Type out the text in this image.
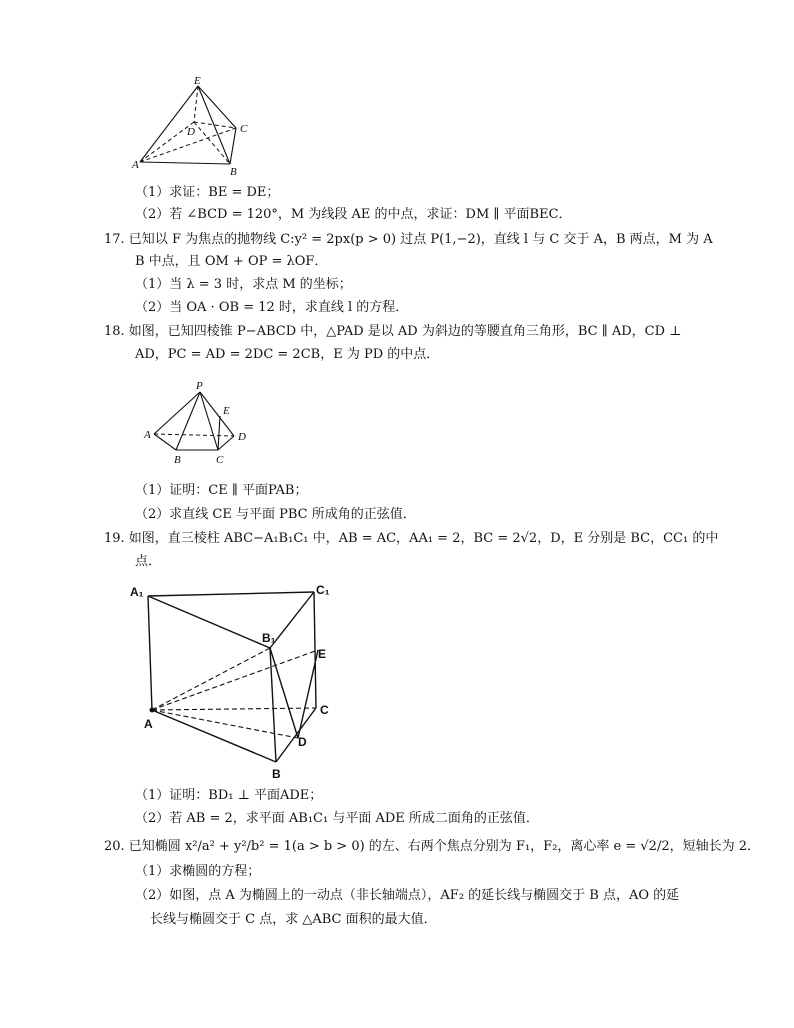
E
D	C
A
B
（1）求证：BE = DE；
（2）若 ∠BCD = 120°，M 为线段 AE 的中点，求证：DM ∥ 平面BEC．
17. 已知以 F 为焦点的抛物线 C:y² = 2px(p > 0) 过点 P(1,−2)，直线 l 与 C 交于 A，B 两点，M 为 A
B 中点，且 OM + OP = λOF．
（1）当 λ = 3 时，求点 M 的坐标；
（2）当 OA · OB = 12 时，求直线 l 的方程．
18. 如图，已知四棱锥 P−ABCD 中，△PAD 是以 AD 为斜边的等腰直角三角形，BC ∥ AD，CD ⊥
AD，PC = AD = 2DC = 2CB，E 为 PD 的中点．
P
E
A	D
B	C
（1）证明：CE ∥ 平面PAB；
（2）求直线 CE 与平面 PBC 所成角的正弦值．
19. 如图，直三棱柱 ABC−A₁B₁C₁ 中，AB = AC，AA₁ = 2，BC = 2√2，D，E 分别是 BC，CC₁ 的中
点．
A₁	C₁
B₁
E
A
C
D
B
（1）证明：BD₁ ⊥ 平面ADE；
（2）若 AB = 2，求平面 AB₁C₁ 与平面 ADE 所成二面角的正弦值．
20. 已知椭圆 x²/a² + y²/b² = 1(a > b > 0) 的左、右两个焦点分别为 F₁，F₂，离心率 e = √2/2，短轴长为 2．
（1）求椭圆的方程；
（2）如图，点 A 为椭圆上的一动点（非长轴端点），AF₂ 的延长线与椭圆交于 B 点，AO 的延
长线与椭圆交于 C 点，求 △ABC 面积的最大值．
